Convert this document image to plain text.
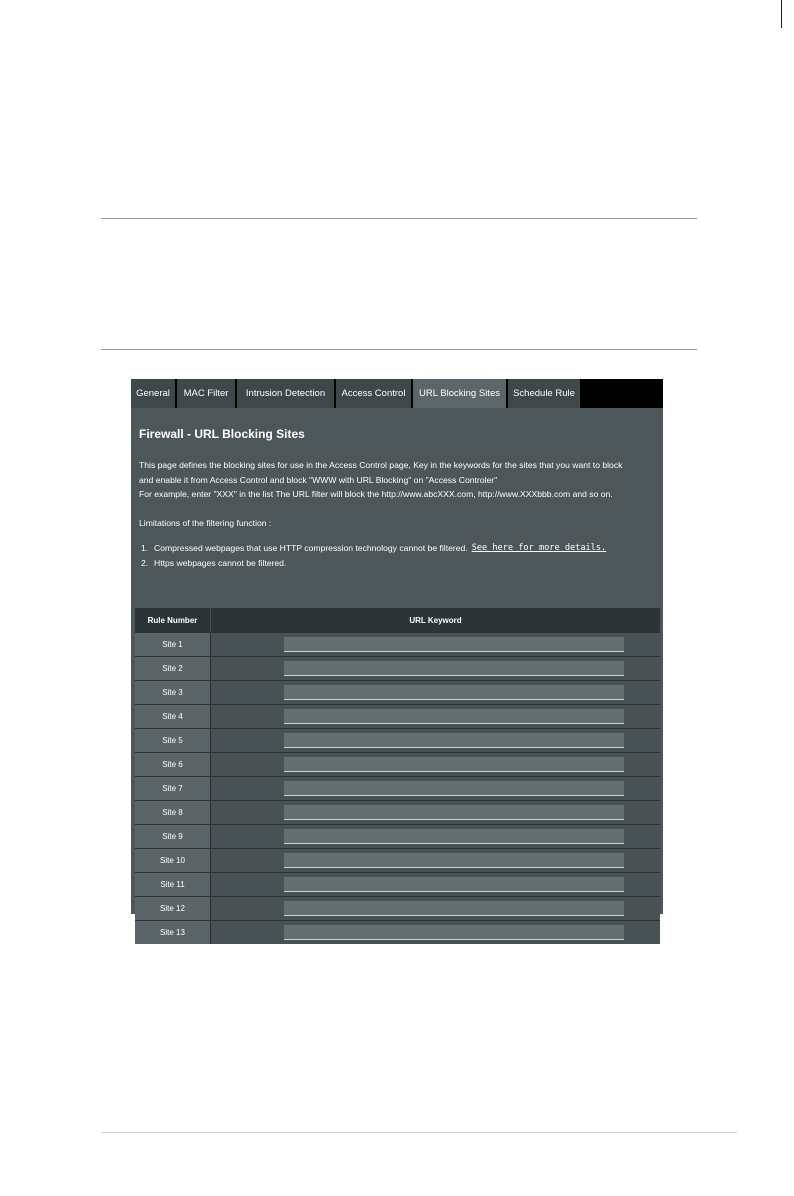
General	MAC Filter	Intrusion Detection	Access Control	URL Blocking Sites	Schedule Rule
Firewall - URL Blocking Sites

This page defines the blocking sites for use in the Access Control page, Key in the keywords for the sites that you want to block

and enable it from Access Control and block "WWW with URL Blocking" on "Access Controler"

For example, enter "XXX" in the list The URL filter will block the http://www.abcXXX.com, http://www.XXXbbb.com and so on.

Limitations of the filtering function :
1. Compressed webpages that use HTTP compression technology cannot be filtered. See here for more details.
2. Https webpages cannot be filtered.
Rule Number	URL Keyword
Site 1
Site 2
Site 3
Site 4
Site 5
Site 6
Site 7
Site 8
Site 9
Site 10
Site 11
Site 12
Site 13
